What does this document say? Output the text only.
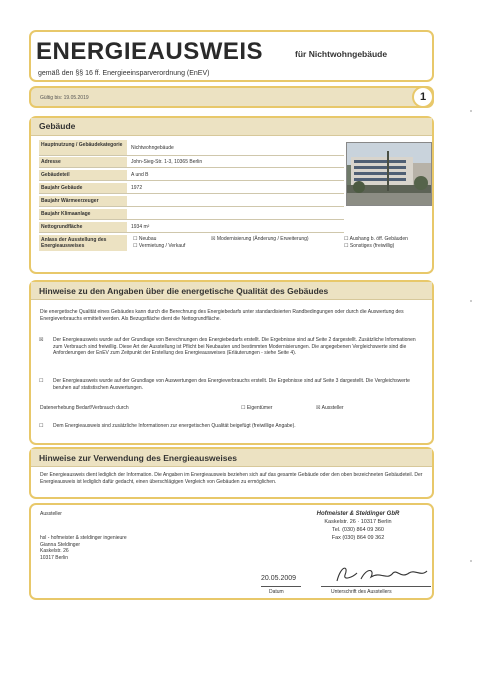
ENERGIEAUSWEIS	für Nichtwohngebäude
gemäß den §§ 16 ff. Energieeinsparverordnung (EnEV)
Gültig bis: 19.05.2019	1
Gebäude
Hauptnutzung / Gebäudekategorie	Nichtwohngebäude
Adresse	John-Sieg-Str. 1-3, 10365 Berlin
Gebäudeteil	A und B
Baujahr Gebäude	1972
Baujahr Wärmeerzeuger
Baujahr Klimaanlage
Nettogrundfläche	1934 m²
Anlass der Ausstellung des Energieausweises
☐ Neubau	☒ Modernisierung (Änderung / Erweiterung)	☐ Aushang b. öff. Gebäuden
☐ Vermietung / Verkauf	☐ Sonstiges (freiwillig)
Hinweise zu den Angaben über die energetische Qualität des Gebäudes
Die energetische Qualität eines Gebäudes kann durch die Berechnung des Energiebedarfs unter standardisierten Randbedingungen oder durch die Auswertung des Energieverbrauchs ermittelt werden. Als Bezugsfläche dient die Nettogrundfläche.
Der Energieausweis wurde auf der Grundlage von Berechnungen des Energiebedarfs erstellt. Die Ergebnisse sind auf Seite 2 dargestellt. Zusätzliche Informationen zum Verbrauch sind freiwillig. Diese Art der Ausstellung ist Pflicht bei Neubauten und bestimmten Modernisierungen. Die angegebenen Vergleichswerte sind die Anforderungen der EnEV zum Zeitpunkt der Erstellung des Energieausweises (Erläuterungen - siehe Seite 4).
☒
Der Energieausweis wurde auf der Grundlage von Auswertungen des Energieverbrauchs erstellt. Die Ergebnisse sind auf Seite 3 dargestellt. Die Vergleichswerte beruhen auf statistischen Auswertungen.
☐
Datenerhebung Bedarf/Verbrauch durch	☐ Eigentümer	☒ Aussteller
Dem Energieausweis sind zusätzliche Informationen zur energetischen Qualität beigefügt (freiwillige Angabe).
☐
Hinweise zur Verwendung des Energieausweises
Der Energieausweis dient lediglich der Information. Die Angaben im Energieausweis beziehen sich auf das gesamte Gebäude oder den oben bezeichneten Gebäudeteil. Der Energieausweis ist lediglich dafür gedacht, einen überschlägigen Vergleich von Gebäuden zu ermöglichen.
Aussteller
hsl - hofmeister & steldinger ingenieure
Gianna Steldinger
Kaskelstr. 26
10317 Berlin
Hofmeister & Steldinger GbR
Kaskelstr. 26 · 10317 Berlin
Tel. (030) 864 09 360
Fax (030) 864 09 362
20.05.2009
Datum	Unterschrift des Ausstellers
